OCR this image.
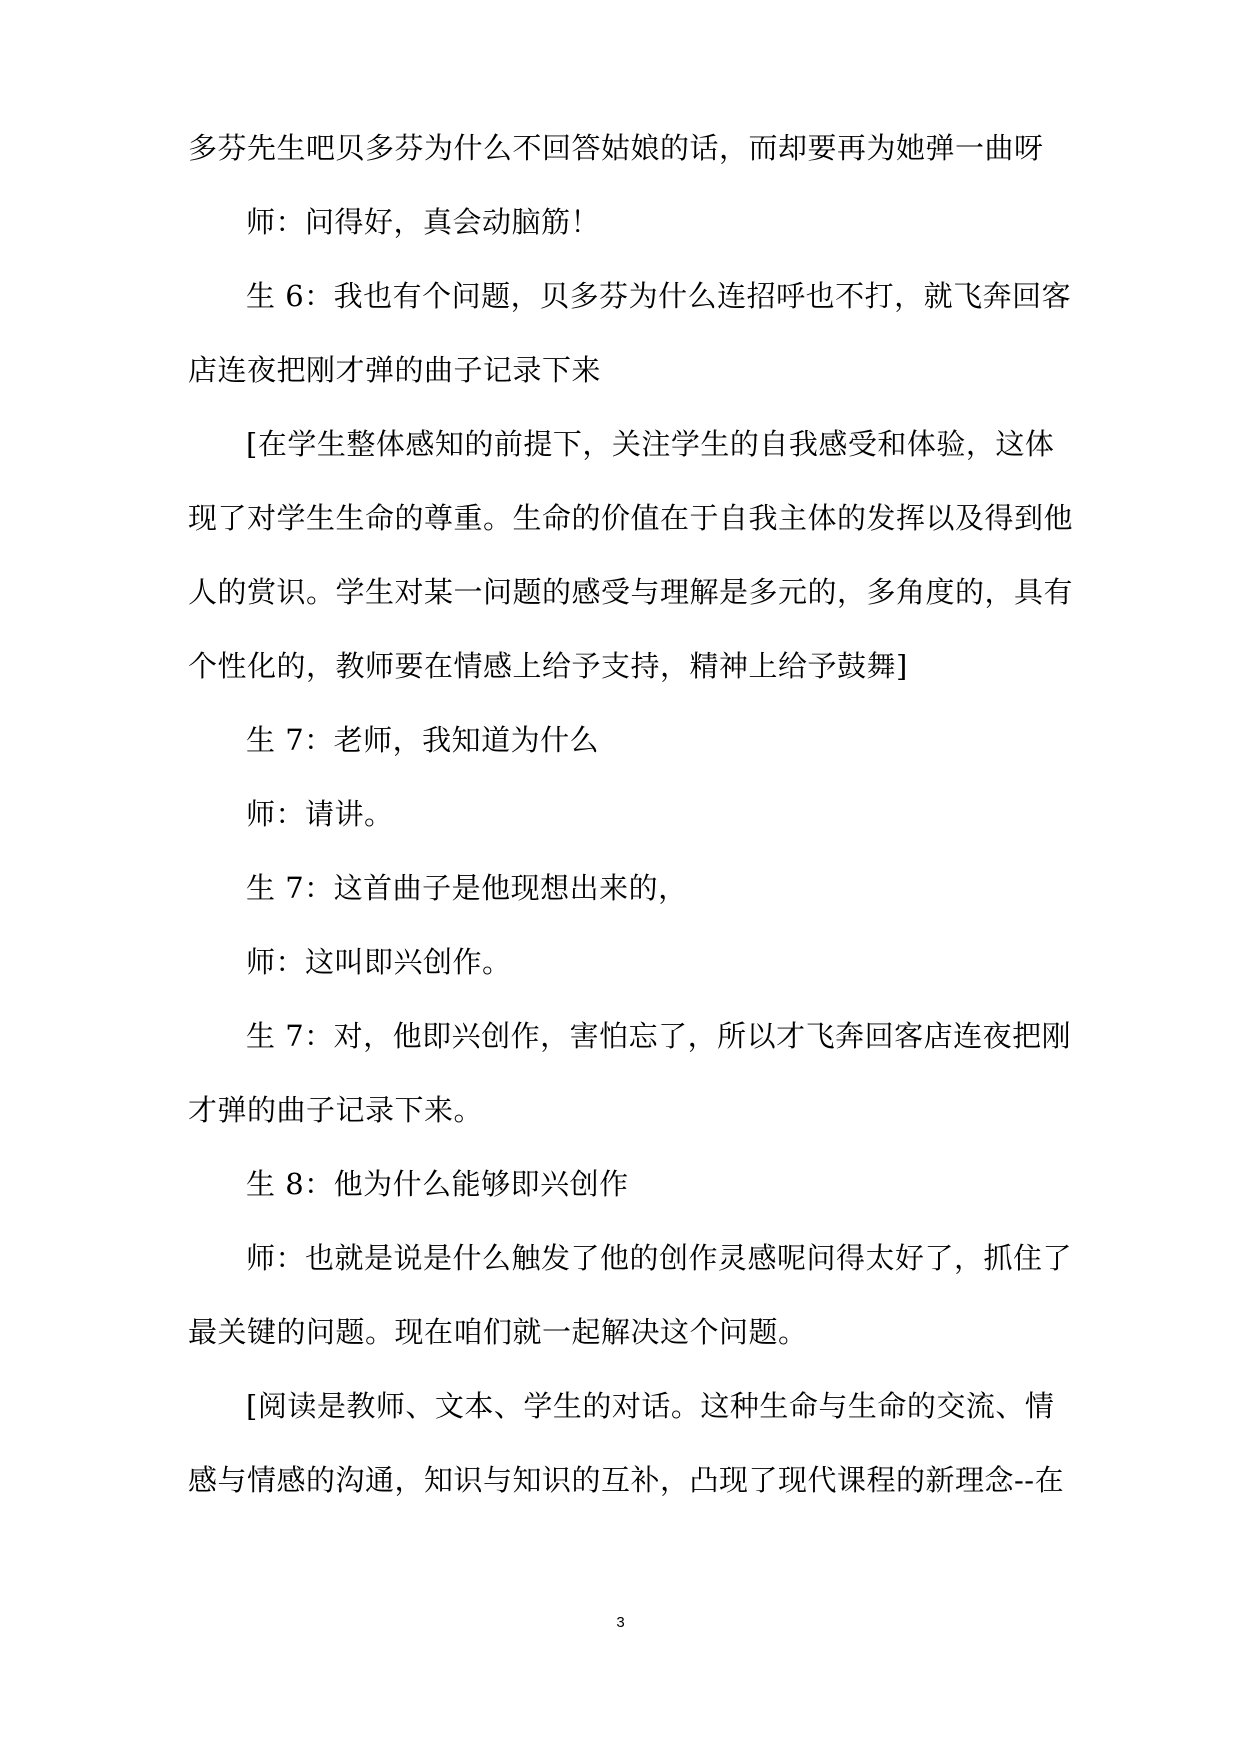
多芬先生吧贝多芬为什么不回答姑娘的话，而却要再为她弹一曲呀
师：问得好，真会动脑筋！
生 6：我也有个问题，贝多芬为什么连招呼也不打，就飞奔回客
店连夜把刚才弹的曲子记录下来
[在学生整体感知的前提下，关注学生的自我感受和体验，这体
现了对学生生命的尊重。生命的价值在于自我主体的发挥以及得到他
人的赏识。学生对某一问题的感受与理解是多元的，多角度的，具有
个性化的，教师要在情感上给予支持，精神上给予鼓舞]
生 7：老师，我知道为什么
师：请讲。
生 7：这首曲子是他现想出来的，
师：这叫即兴创作。
生 7：对，他即兴创作，害怕忘了，所以才飞奔回客店连夜把刚
才弹的曲子记录下来。
生 8：他为什么能够即兴创作
师：也就是说是什么触发了他的创作灵感呢问得太好了，抓住了
最关键的问题。现在咱们就一起解决这个问题。
[阅读是教师、文本、学生的对话。这种生命与生命的交流、情
感与情感的沟通，知识与知识的互补，凸现了现代课程的新理念--在
3
